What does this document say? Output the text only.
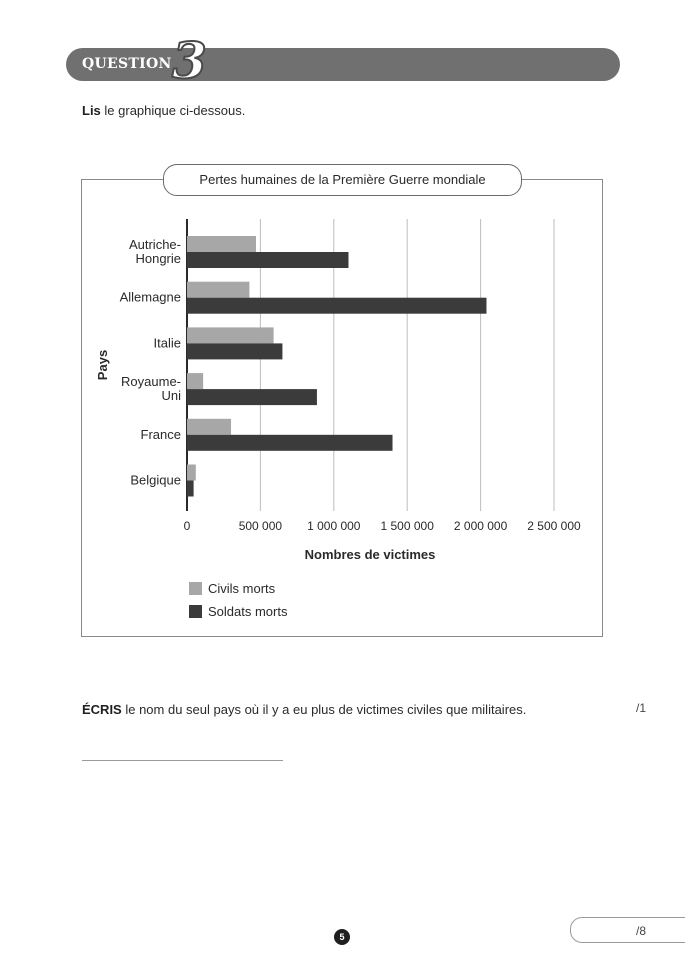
QUESTION 3
Lis le graphique ci-dessous.
0	500 000 1 000 000 1 500 000 2 000 000 2 500 000
Autriche-
Hongrie
Allemagne
Italie
Royaume-
Uni
France
Belgique
Pays
Nombres de victimes
Civils morts
Soldats morts
Pertes humaines de la Première Guerre mondiale
ÉCRIS le nom du seul pays où il y a eu plus de victimes civiles que militaires.	/1
5	/8
